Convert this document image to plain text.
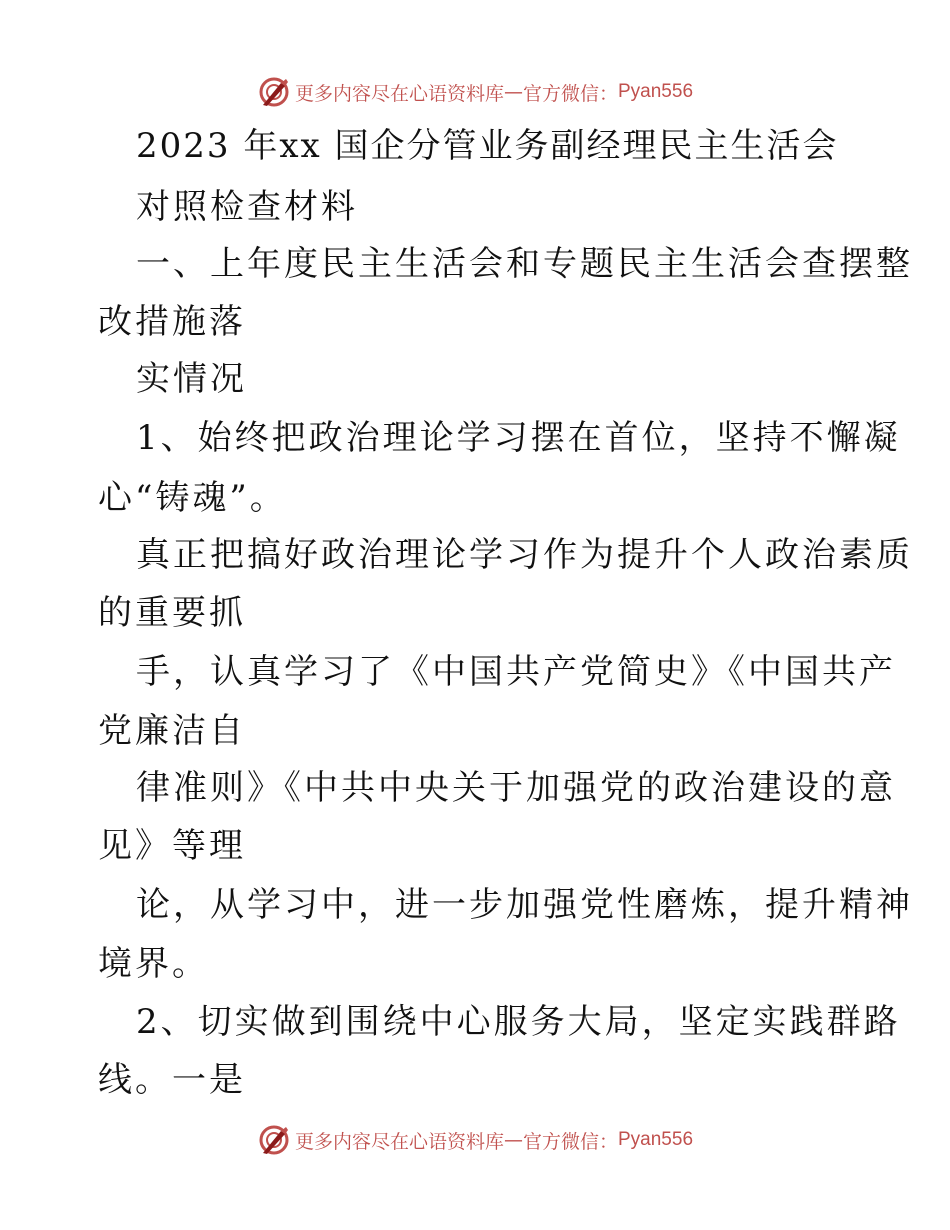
更多内容尽在心语资料库 — 官方微信： Pyan556
2023 年xx 国企分管业务副经理民主生活会
对照检查材料
一、上年度民主生活会和专题民主生活会查摆整
改措施落
实情况
1、始终把政治理论学习摆在首位，坚持不懈凝
心“铸魂”。
真正把搞好政治理论学习作为提升个人政治素质
的重要抓
手，认真学习了《中国共产党简史》《中国共产
党廉洁自
律准则》《中共中央关于加强党的政治建设的意
见》等理
论，从学习中，进一步加强党性磨炼，提升精神
境界。
2、切实做到围绕中心服务大局，坚定实践群路
线。一是
更多内容尽在心语资料库 — 官方微信： Pyan556
